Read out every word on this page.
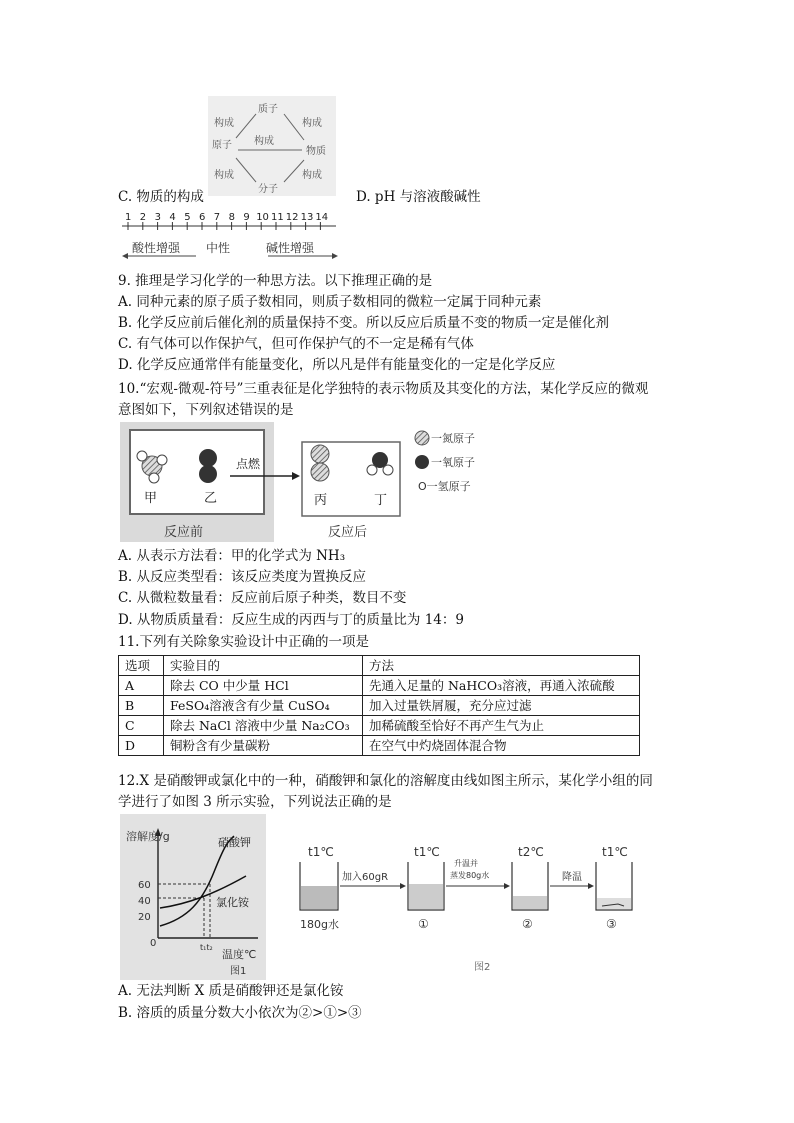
质子
原子
物质
分子
构成	构成
构成
构成	构成
C. 物质的构成	D. pH 与溶液酸碱性
1 2 3 4 5 6 7 8 9 10 11 12 13 14
酸性增强 中性	碱性增强
9. 推理是学习化学的一种思方法。以下推理正确的是
A. 同种元素的原子质子数相同，则质子数相同的微粒一定属于同种元素
B. 化学反应前后催化剂的质量保持不变。所以反应后质量不变的物质一定是催化剂
C. 有气体可以作保护气，但可作保护气的不一定是稀有气体
D. 化学反应通常伴有能量变化，所以凡是伴有能量变化的一定是化学反应
10.“宏观-微观-符号”三重表征是化学独特的表示物质及其变化的方法，某化学反应的微观
意图如下，下列叙述错误的是
甲	乙
反应前
点燃
丙	丁
反应后
一氮原子
一氧原子
O一氢原子
A. 从表示方法看：甲的化学式为 NH₃
B. 从反应类型看：该反应类度为置换反应
C. 从微粒数量看：反应前后原子种类，数目不变
D. 从物质质量看：反应生成的丙西与丁的质量比为 14：9
11.下列有关除象实验设计中正确的一项是
选项	实验目的	方法
A	除去 CO 中少量 HCl	先通入足量的 NaHCO₃溶液，再通入浓硫酸
B	FeSO₄溶液含有少量 CuSO₄	加入过量铁屑履，充分应过滤
C	除去 NaCl 溶液中少量 Na₂CO₃	加稀硫酸至恰好不再产生气为止
D	铜粉含有少量碳粉	在空气中灼烧固体混合物
12.X 是硝酸钾或氯化中的一种，硝酸钾和氯化的溶解度由线如图主所示，某化学小组的同
学进行了如图 3 所示实验，下列说法正确的是
溶解度/g
60
40
20
0
硝酸钾
氯化铵
t₁t₂
温度℃
图1
t1℃	t1℃	t2℃	t1℃
180g水
加入60gR
升温并
蒸发80g水	降温
①	②	③
图2
A. 无法判断 X 质是硝酸钾还是氯化铵
B. 溶质的质量分数大小依次为②>①>③
